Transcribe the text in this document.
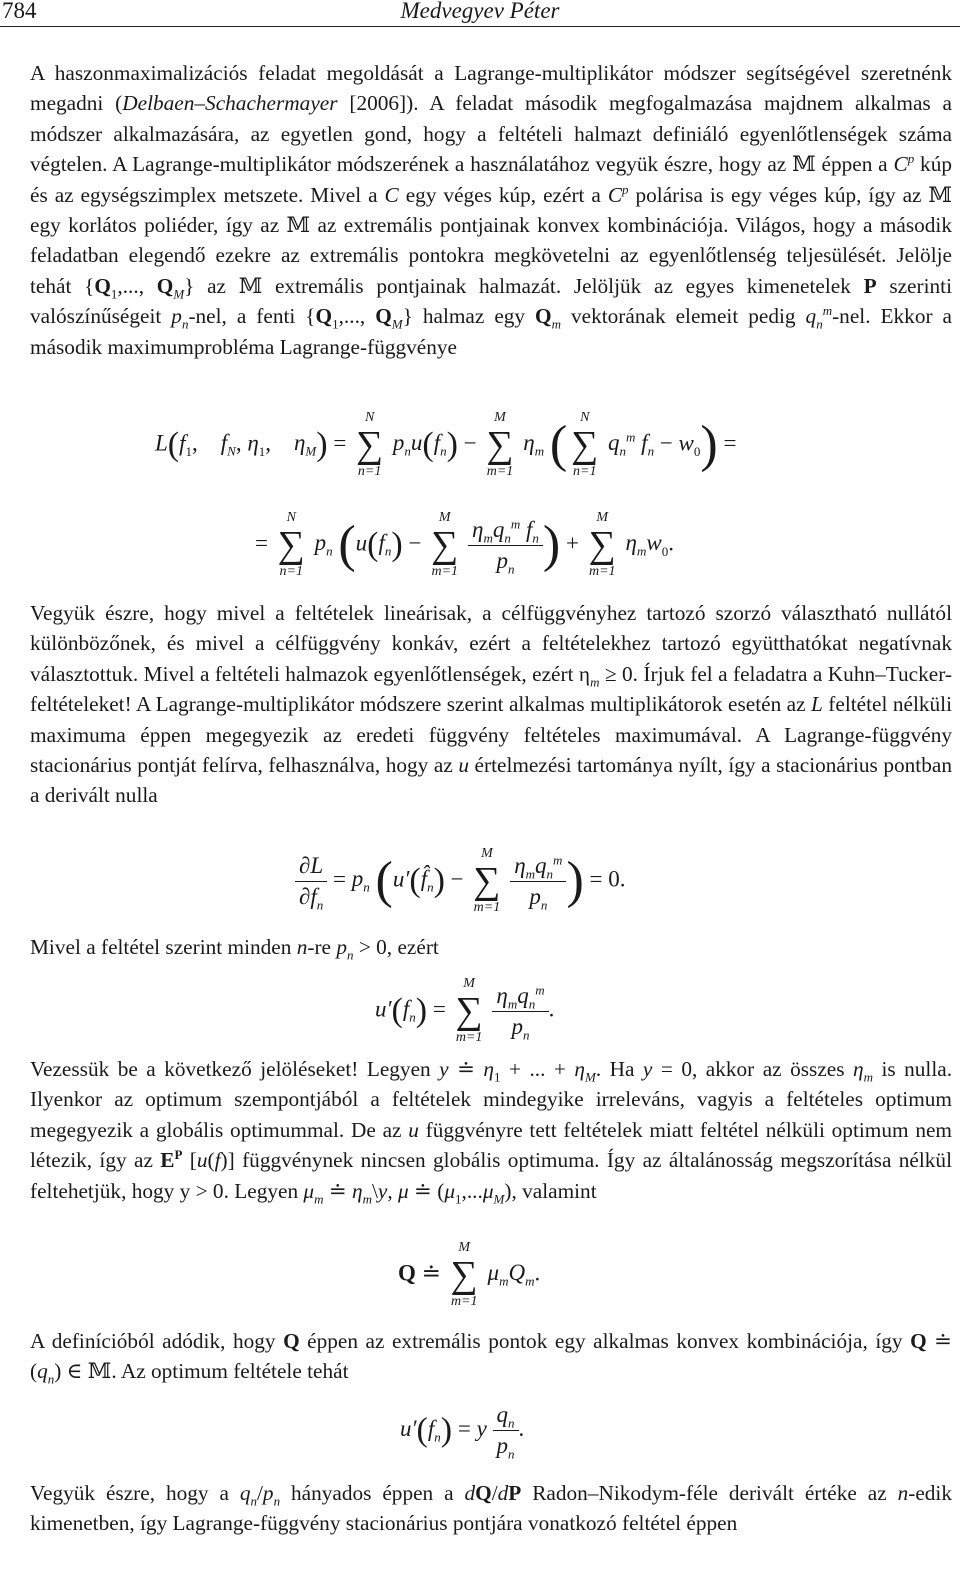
784	Medvegyev Péter

A haszonmaximalizációs feladat megoldását a Lagrange-multiplikátor módszer segítségével szeretnénk megadni (Delbaen–Schachermayer [2006]). A feladat második megfogalmazása majdnem alkalmas a módszer alkalmazására, az egyetlen gond, hogy a feltételi halmazt definiáló egyenlőtlenségek száma végtelen. A Lagrange-multiplikátor módszerének a használatához vegyük észre, hogy az 𝕄 éppen a $C^p$ kúp és az egységszimplex metszete. Mivel a C egy véges kúp, ezért a $C^p$ polárisa is egy véges kúp, így az 𝕄 egy korlátos poliéder, így az 𝕄 az extremális pontjainak konvex kombinációja. Világos, hogy a második feladatban elegendő ezekre az extremális pontokra megkövetelni az egyenlőtlenség teljesülését. Jelölje tehát {$Q_1$,..., $Q_M$} az 𝕄 extremális pontjainak halmazát. Jelöljük az egyes kimenetelek P szerinti valószínűségeit $p_n$-nel, a fenti {$Q_1$,..., $Q_M$} halmaz egy $Q_m$ vektorának elemeit pedig $q_n^m$-nel. Ekkor a második maximumprobléma Lagrange-függvénye

$L(f_1$,    $f_N$, $\eta_1$,    $\eta_M$) =
N
∑
n=1
$p_nu(f_n)$ −
M
∑
m=1
$\eta_m$ ( N
∑
n=1
$q_n^m$ $f_n - w_0$) =
=
N
∑
n=1
$p_n$ ($u(f_n)$ −
M
∑
m=1
$\frac{\eta_mq_n^m f_n}{p_n}$ ) +
M
∑
m=1
$\eta_mw_0$.

Vegyük észre, hogy mivel a feltételek lineárisak, a célfüggvényhez tartozó szorzó választható nullától különbözőnek, és mivel a célfüggvény konkáv, ezért a feltételekhez tartozó együtthatókat negatívnak választottuk. Mivel a feltételi halmazok egyenlőtlenségek, ezért $\eta_m \ge 0$. Írjuk fel a feladatra a Kuhn–Tucker-feltételeket! A Lagrange-multiplikátor módszere szerint alkalmas multiplikátorok esetén az L feltétel nélküli maximuma éppen megegyezik az eredeti függvény feltételes maximumával. A Lagrange-függvény stacionárius pontját felírva, felhasználva, hogy az u értelmezési tartománya nyílt, így a stacionárius pontban a derivált nulla

$\frac{\partial L}{\partial f_n} = p_n$ ($u'(f̂_n)$ −
M
∑
m=1
$\frac{\eta_mq_n^m}{p_n}$ ) = 0.

Mivel a feltétel szerint minden n-re $p_n > 0$, ezért

$u'(f_n)$ =
M
∑
m=1
$\frac{\eta_mq_n^m}{p_n}$ .

Vezessük be a következő jelöléseket! Legyen y ≐ $\eta_1$ + ... + $\eta_M$. Ha y = 0, akkor az összes $\eta_m$ is nulla. Ilyenkor az optimum szempontjából a feltételek mindegyike irreleváns, vagyis a feltételes optimum megegyezik a globális optimummal. De az u függvényre tett feltételek miatt feltétel nélküli optimum nem létezik, így az $E^P$ [u(f)] függvénynek nincsen globális optimuma. Így az általánosság megszorítása nélkül feltehetjük, hogy y > 0. Legyen $\mu_m$ ≐ $\eta_m\backslash y$, μ ≐ $(\mu_1,...\mu_M)$, valamint

Q ≐
M
∑
m=1
$\mu_mQ_m$.

A definícióból adódik, hogy Q éppen az extremális pontok egy alkalmas konvex kombinációja, így Q ≐ $(q_n)$ ∈ 𝕄. Az optimum feltétele tehát

$u'(f_n) = y \frac{q_n}{p_n}$ .

Vegyük észre, hogy a $q_n/p_n$ hányados éppen a dQ/dP Radon–Nikodym-féle derivált értéke az n-edik kimenetben, így Lagrange-függvény stacionárius pontjára vonatkozó feltétel éppen
